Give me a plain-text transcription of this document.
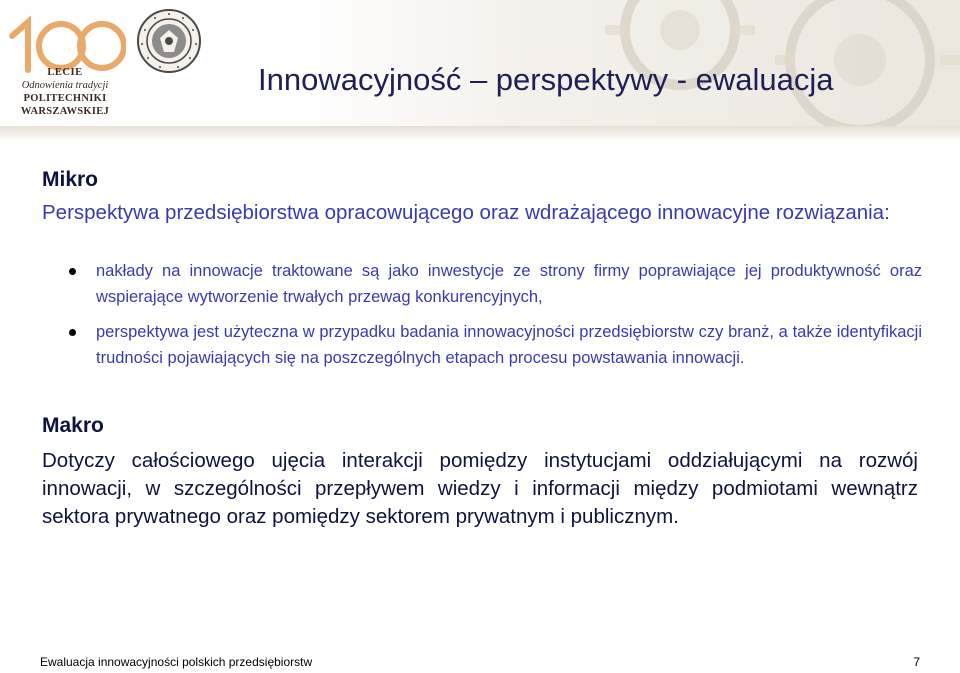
LECIE
Odnowienia tradycji
POLITECHNIKI
WARSZAWSKIEJ
Innowacyjność – perspektywy - ewaluacja
Mikro
Perspektywa przedsiębiorstwa opracowującego oraz wdrażającego innowacyjne rozwiązania:
nakłady na innowacje traktowane są jako inwestycje ze strony firmy poprawiające jej produktywność oraz wspierające wytworzenie trwałych przewag konkurencyjnych,
perspektywa jest użyteczna w przypadku badania innowacyjności przedsiębiorstw czy branż, a także identyfikacji trudności pojawiających się na poszczególnych etapach procesu powstawania innowacji.
Makro
Dotyczy całościowego ujęcia interakcji pomiędzy instytucjami oddziałującymi na rozwój innowacji, w szczególności przepływem wiedzy i informacji między podmiotami wewnątrz sektora prywatnego oraz pomiędzy sektorem prywatnym i publicznym.
Ewaluacja innowacyjności polskich przedsiębiorstw	7
